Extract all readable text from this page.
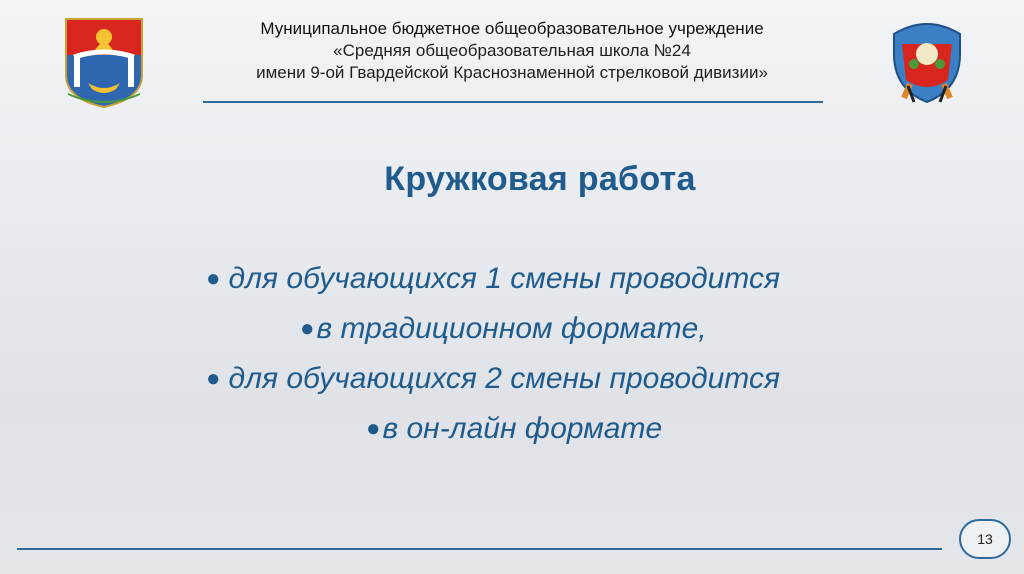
Муниципальное бюджетное общеобразовательное учреждение
«Средняя общеобразовательная школа №24
имени 9-ой Гвардейской Краснознаменной стрелковой дивизии»
Кружковая работа
● для обучающихся 1 смены проводится
●в традиционном формате,
● для обучающихся 2 смены проводится
●в он-лайн формате
13
